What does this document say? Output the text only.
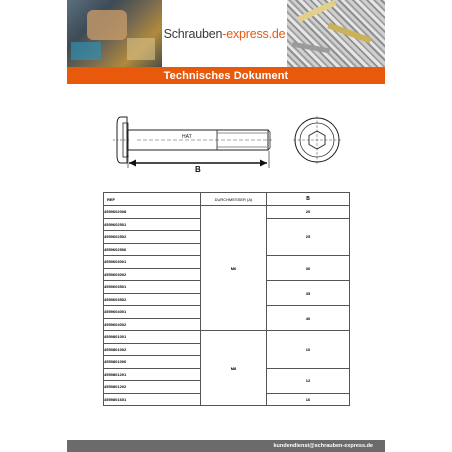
Schrauben-express.de
Technisches Dokument
HAT
B
REF	DURCHMESSER (A)	B
4559602008	M6	20
4559602501		25
4559602502		
4559602506		
4559603001		30
4559603002		
4559603501		35
4559603502		
4559604001		40
4559604002		
4559801001	M8	10
4559801002		
4559801006		
4559801201		12
4559801202		
4559801601		16
kundendienst@schrauben-express.de
